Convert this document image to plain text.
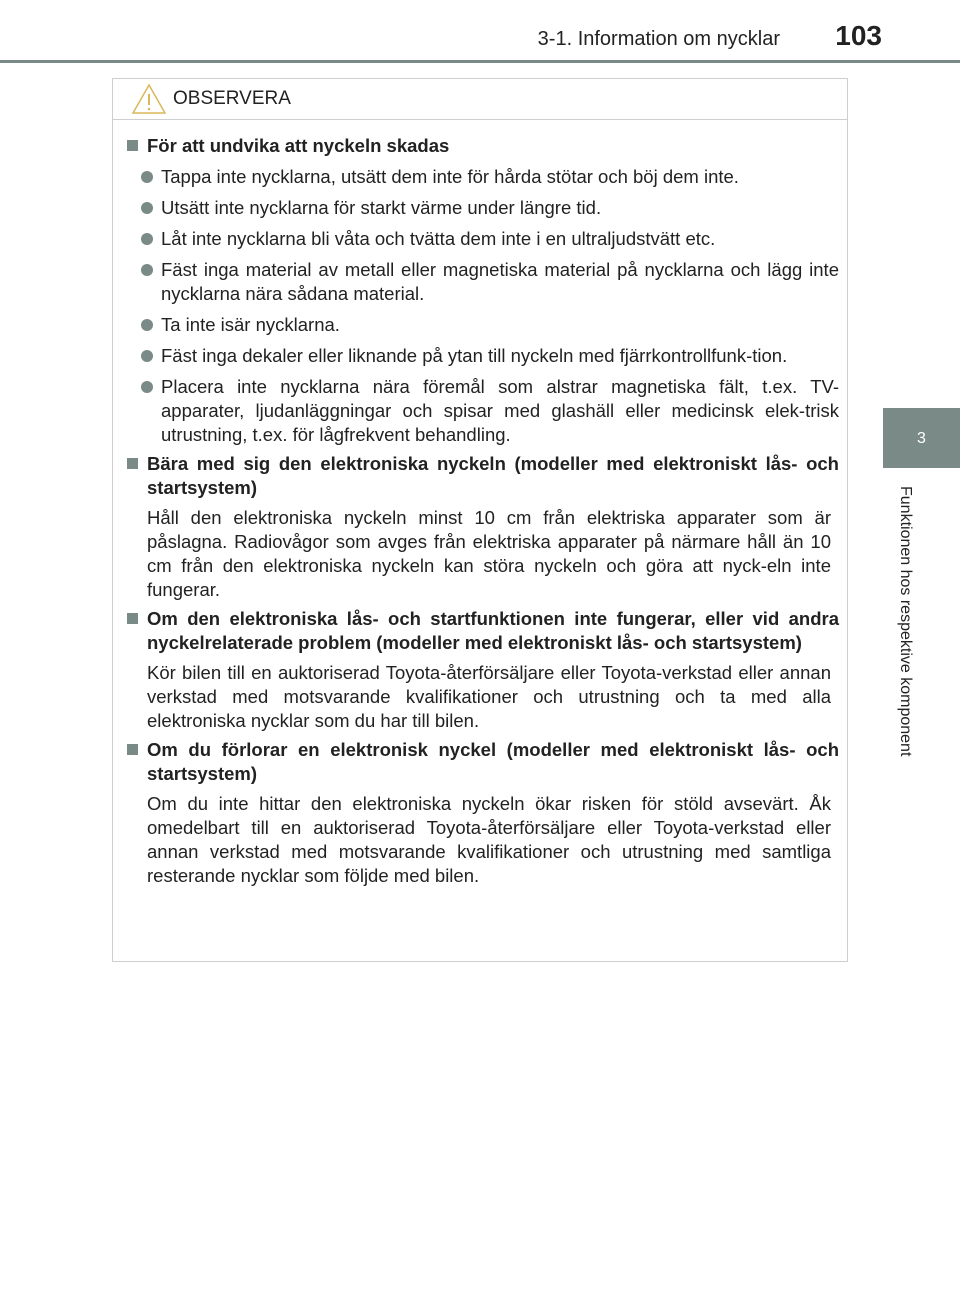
3-1. Information om nycklar 103
3
Funktionen hos respektive komponent
OBSERVERA
För att undvika att nyckeln skadas
Tappa inte nycklarna, utsätt dem inte för hårda stötar och böj dem inte.
Utsätt inte nycklarna för starkt värme under längre tid.
Låt inte nycklarna bli våta och tvätta dem inte i en ultraljudstvätt etc.
Fäst inga material av metall eller magnetiska material på nycklarna och lägg inte nycklarna nära sådana material.
Ta inte isär nycklarna.
Fäst inga dekaler eller liknande på ytan till nyckeln med fjärrkontrollfunk-tion.
Placera inte nycklarna nära föremål som alstrar magnetiska fält, t.ex. TV-apparater, ljudanläggningar och spisar med glashäll eller medicinsk elek-trisk utrustning, t.ex. för lågfrekvent behandling.
Bära med sig den elektroniska nyckeln (modeller med elektroniskt lås- och startsystem)
Håll den elektroniska nyckeln minst 10 cm från elektriska apparater som är påslagna. Radiovågor som avges från elektriska apparater på närmare håll än 10 cm från den elektroniska nyckeln kan störa nyckeln och göra att nyck-eln inte fungerar.
Om den elektroniska lås- och startfunktionen inte fungerar, eller vid andra nyckelrelaterade problem (modeller med elektroniskt lås- och startsystem)
Kör bilen till en auktoriserad Toyota-återförsäljare eller Toyota-verkstad eller annan verkstad med motsvarande kvalifikationer och utrustning och ta med alla elektroniska nycklar som du har till bilen.
Om du förlorar en elektronisk nyckel (modeller med elektroniskt lås- och startsystem)
Om du inte hittar den elektroniska nyckeln ökar risken för stöld avsevärt. Åk omedelbart till en auktoriserad Toyota-återförsäljare eller Toyota-verkstad eller annan verkstad med motsvarande kvalifikationer och utrustning med samtliga resterande nycklar som följde med bilen.
